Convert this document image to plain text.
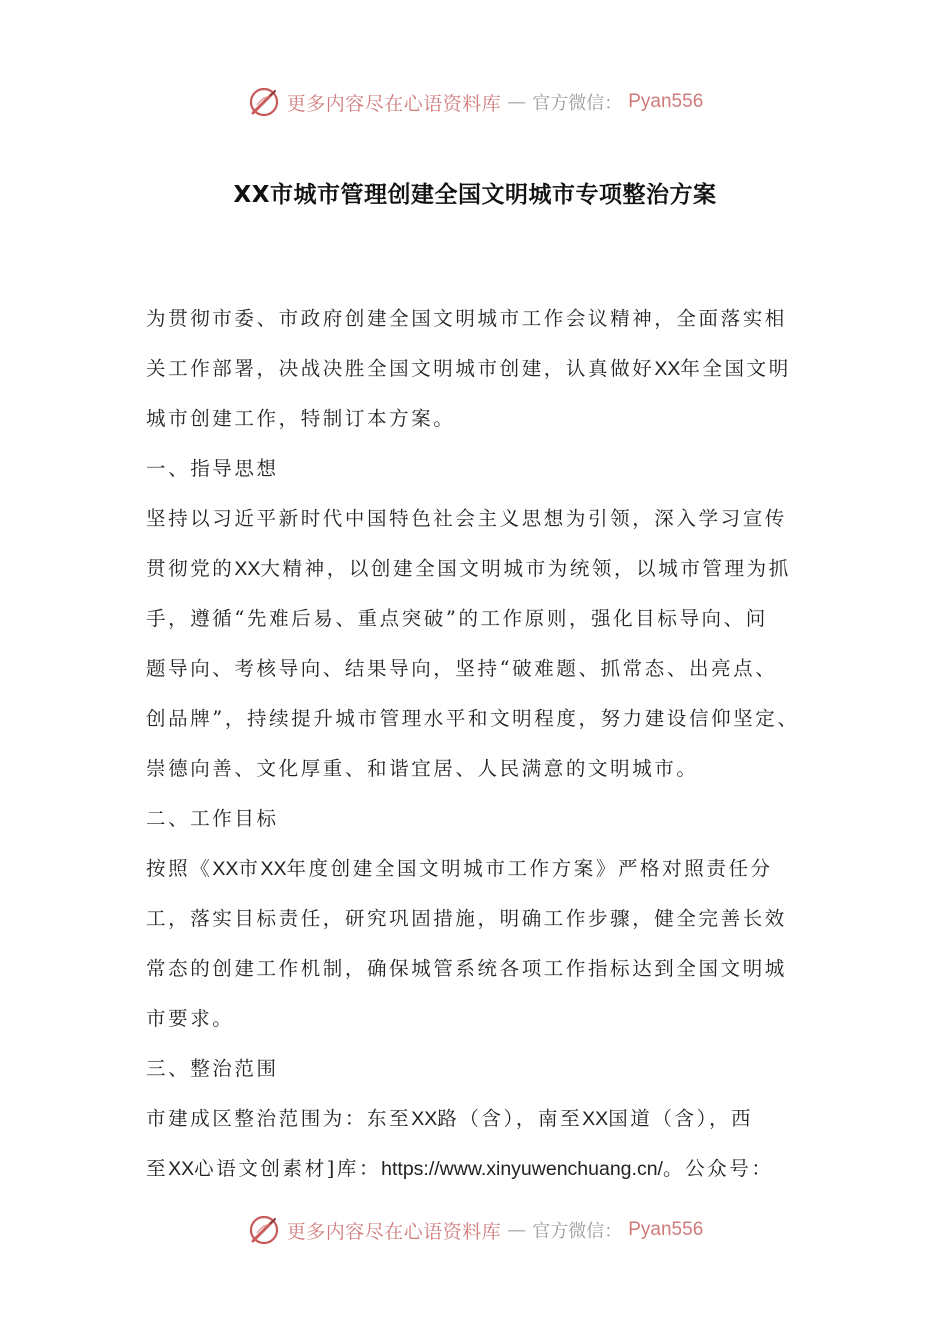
更多内容尽在心语资料库 — 官方微信： Pyan556
XX市城市管理创建全国文明城市专项整治方案
为贯彻市委、市政府创建全国文明城市工作会议精神，全面落实相
关工作部署，决战决胜全国文明城市创建，认真做好XX年全国文明
城市创建工作，特制订本方案。
一、指导思想
坚持以习近平新时代中国特色社会主义思想为引领，深入学习宣传
贯彻党的XX大精神，以创建全国文明城市为统领，以城市管理为抓
手，遵循“先难后易、重点突破”的工作原则，强化目标导向、问
题导向、考核导向、结果导向，坚持“破难题、抓常态、出亮点、
创品牌”，持续提升城市管理水平和文明程度，努力建设信仰坚定、
崇德向善、文化厚重、和谐宜居、人民满意的文明城市。
二、工作目标
按照《XX市XX年度创建全国文明城市工作方案》严格对照责任分
工，落实目标责任，研究巩固措施，明确工作步骤，健全完善长效
常态的创建工作机制，确保城管系统各项工作指标达到全国文明城
市要求。
三、整治范围
市建成区整治范围为：东至XX路（含），南至XX国道（含），西
至XX心语文创素材]库：https://www.xinyuwenchuang.cn/。公众号：
更多内容尽在心语资料库 — 官方微信： Pyan556
